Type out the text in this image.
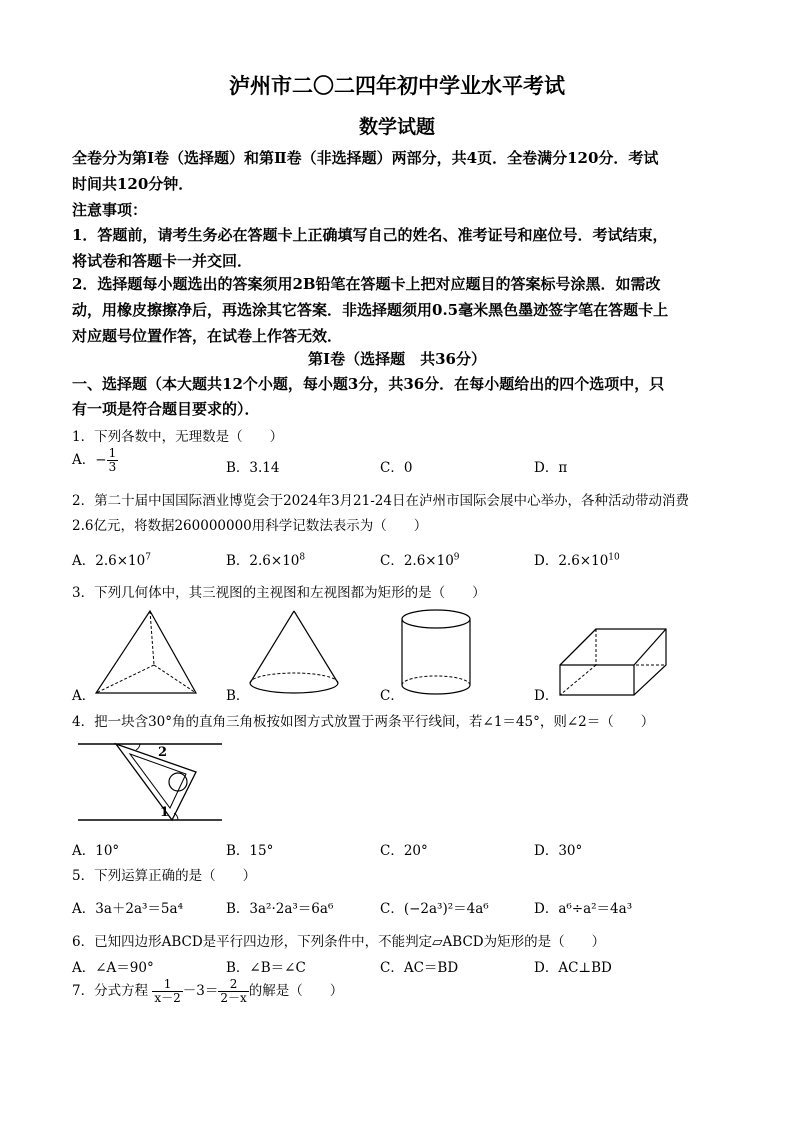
泸州市二〇二四年初中学业水平考试
数学试题
全卷分为第Ⅰ卷（选择题）和第Ⅱ卷（非选择题）两部分，共4页．全卷满分120分．考试
时间共120分钟．
注意事项：
1．答题前，请考生务必在答题卡上正确填写自己的姓名、准考证号和座位号．考试结束，
将试卷和答题卡一并交回．
2．选择题每小题选出的答案须用2B铅笔在答题卡上把对应题目的答案标号涂黑．如需改
动，用橡皮擦擦净后，再选涂其它答案．非选择题须用0.5毫米黑色墨迹签字笔在答题卡上
对应题号位置作答，在试卷上作答无效．
第Ⅰ卷（选择题　共36分）
一、选择题（本大题共12个小题，每小题3分，共36分．在每小题给出的四个选项中，只
有一项是符合题目要求的）．
1．下列各数中，无理数是（　　）
A．− $\frac{1}{3}$	B．3.14	C．0	D．π
2．第二十届中国国际酒业博览会于2024年3月21-24日在泸州市国际会展中心举办，各种活动带动消费
2.6亿元，将数据260000000用科学记数法表示为（　　）
A．$2.6\times 10^7$	B．$2.6\times 10^8$	C．$2.6\times 10^9$	D．$2.6\times 10^{10}$
3．下列几何体中，其三视图的主视图和左视图都为矩形的是（　　）
A．	B．	C．	D．
4．把一块含30°角的直角三角板按如图方式放置于两条平行线间，若∠1＝45°，则∠2＝（　　）
2
1
A．10°	B．15°	C．20°	D．30°
5．下列运算正确的是（　　）
A．3a＋2a³＝5a⁴	B．3a²·2a³＝6a⁶	C．(−2a³)²＝4a⁶	D．a⁶÷a²＝4a³
6．已知四边形ABCD是平行四边形，下列条件中，不能判定▱ABCD为矩形的是（　　）
A．∠A＝90°	B．∠B＝∠C	C．AC＝BD	D．AC⊥BD
7．分式方程 $\frac{1}{x-2} -3= \frac{2}{2-x}$ 的解是（　　）
